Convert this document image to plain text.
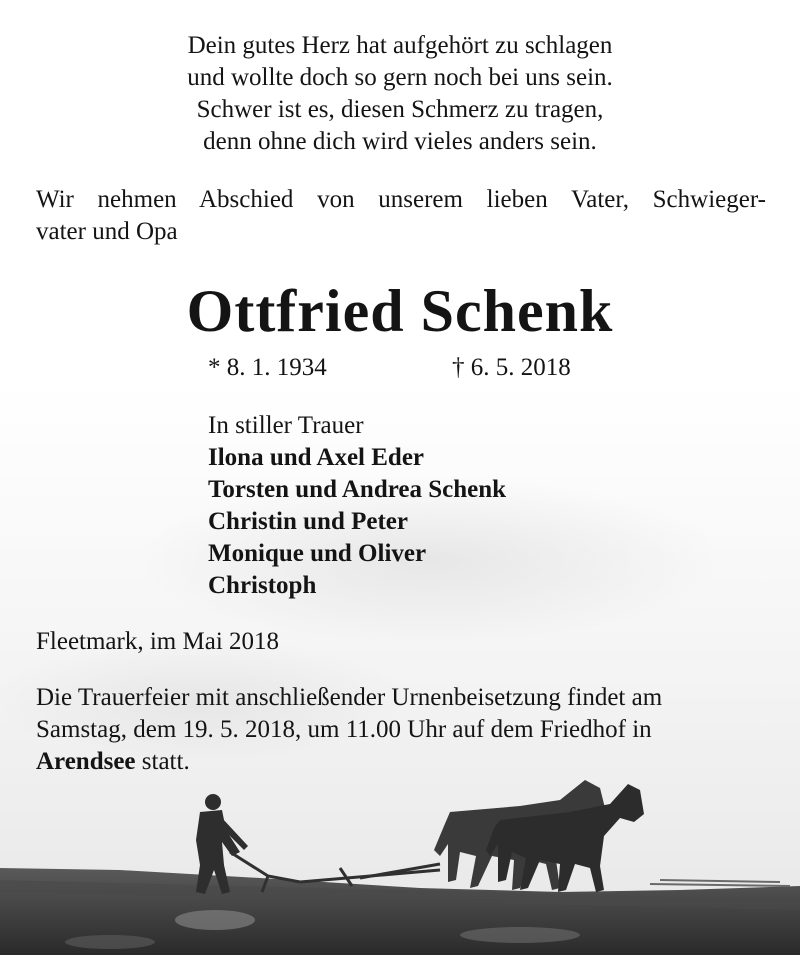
Dein gutes Herz hat aufgehört zu schlagen
und wollte doch so gern noch bei uns sein.
Schwer ist es, diesen Schmerz zu tragen,
denn ohne dich wird vieles anders sein.
Wir nehmen Abschied von unserem lieben Vater, Schwieger-
vater und Opa
Ottfried Schenk
* 8. 1. 1934	† 6. 5. 2018
In stiller Trauer
Ilona und Axel Eder
Torsten und Andrea Schenk
Christin und Peter
Monique und Oliver
Christoph
Fleetmark, im Mai 2018
Die Trauerfeier mit anschließender Urnenbeisetzung findet am
Samstag, dem 19. 5. 2018, um 11.00 Uhr auf dem Friedhof in
Arendsee statt.
